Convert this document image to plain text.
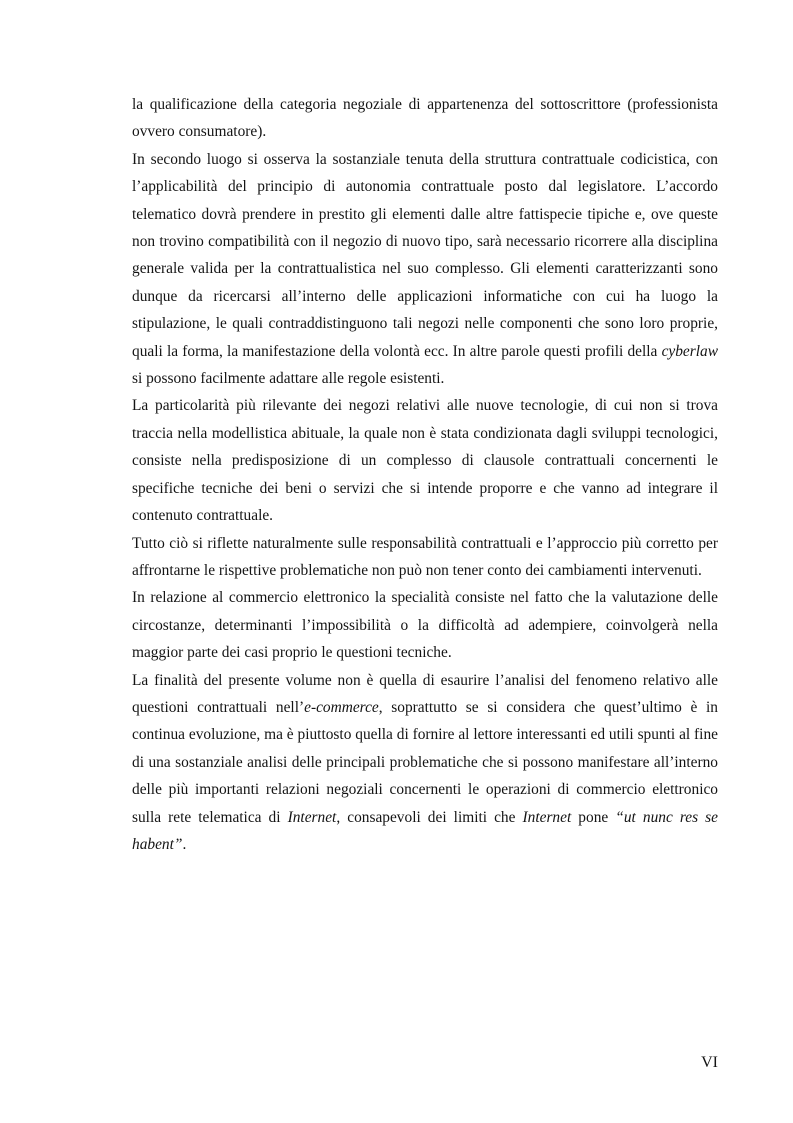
la qualificazione della categoria negoziale di appartenenza del sottoscrittore (professionista ovvero consumatore).

In secondo luogo si osserva la sostanziale tenuta della struttura contrattuale codicistica, con l’applicabilità del principio di autonomia contrattuale posto dal legislatore. L’accordo telematico dovrà prendere in prestito gli elementi dalle altre fattispecie tipiche e, ove queste non trovino compatibilità con il negozio di nuovo tipo, sarà necessario ricorrere alla disciplina generale valida per la contrattualistica nel suo complesso. Gli elementi caratterizzanti sono dunque da ricercarsi all’interno delle applicazioni informatiche con cui ha luogo la stipulazione, le quali contraddistinguono tali negozi nelle componenti che sono loro proprie, quali la forma, la manifestazione della volontà ecc. In altre parole questi profili della cyberlaw si possono facilmente adattare alle regole esistenti.

La particolarità più rilevante dei negozi relativi alle nuove tecnologie, di cui non si trova traccia nella modellistica abituale, la quale non è stata condizionata dagli sviluppi tecnologici, consiste nella predisposizione di un complesso di clausole contrattuali concernenti le specifiche tecniche dei beni o servizi che si intende proporre e che vanno ad integrare il contenuto contrattuale.

Tutto ciò si riflette naturalmente sulle responsabilità contrattuali e l’approccio più corretto per affrontarne le rispettive problematiche non può non tener conto dei cambiamenti intervenuti.

In relazione al commercio elettronico la specialità consiste nel fatto che la valutazione delle circostanze, determinanti l’impossibilità o la difficoltà ad adempiere, coinvolgerà nella maggior parte dei casi proprio le questioni tecniche.

La finalità del presente volume non è quella di esaurire l’analisi del fenomeno relativo alle questioni contrattuali nell’e-commerce, soprattutto se si considera che quest’ultimo è in continua evoluzione, ma è piuttosto quella di fornire al lettore interessanti ed utili spunti al fine di una sostanziale analisi delle principali problematiche che si possono manifestare all’interno delle più importanti relazioni negoziali concernenti le operazioni di commercio elettronico sulla rete telematica di Internet, consapevoli dei limiti che Internet pone “ut nunc res se habent”.

VI
